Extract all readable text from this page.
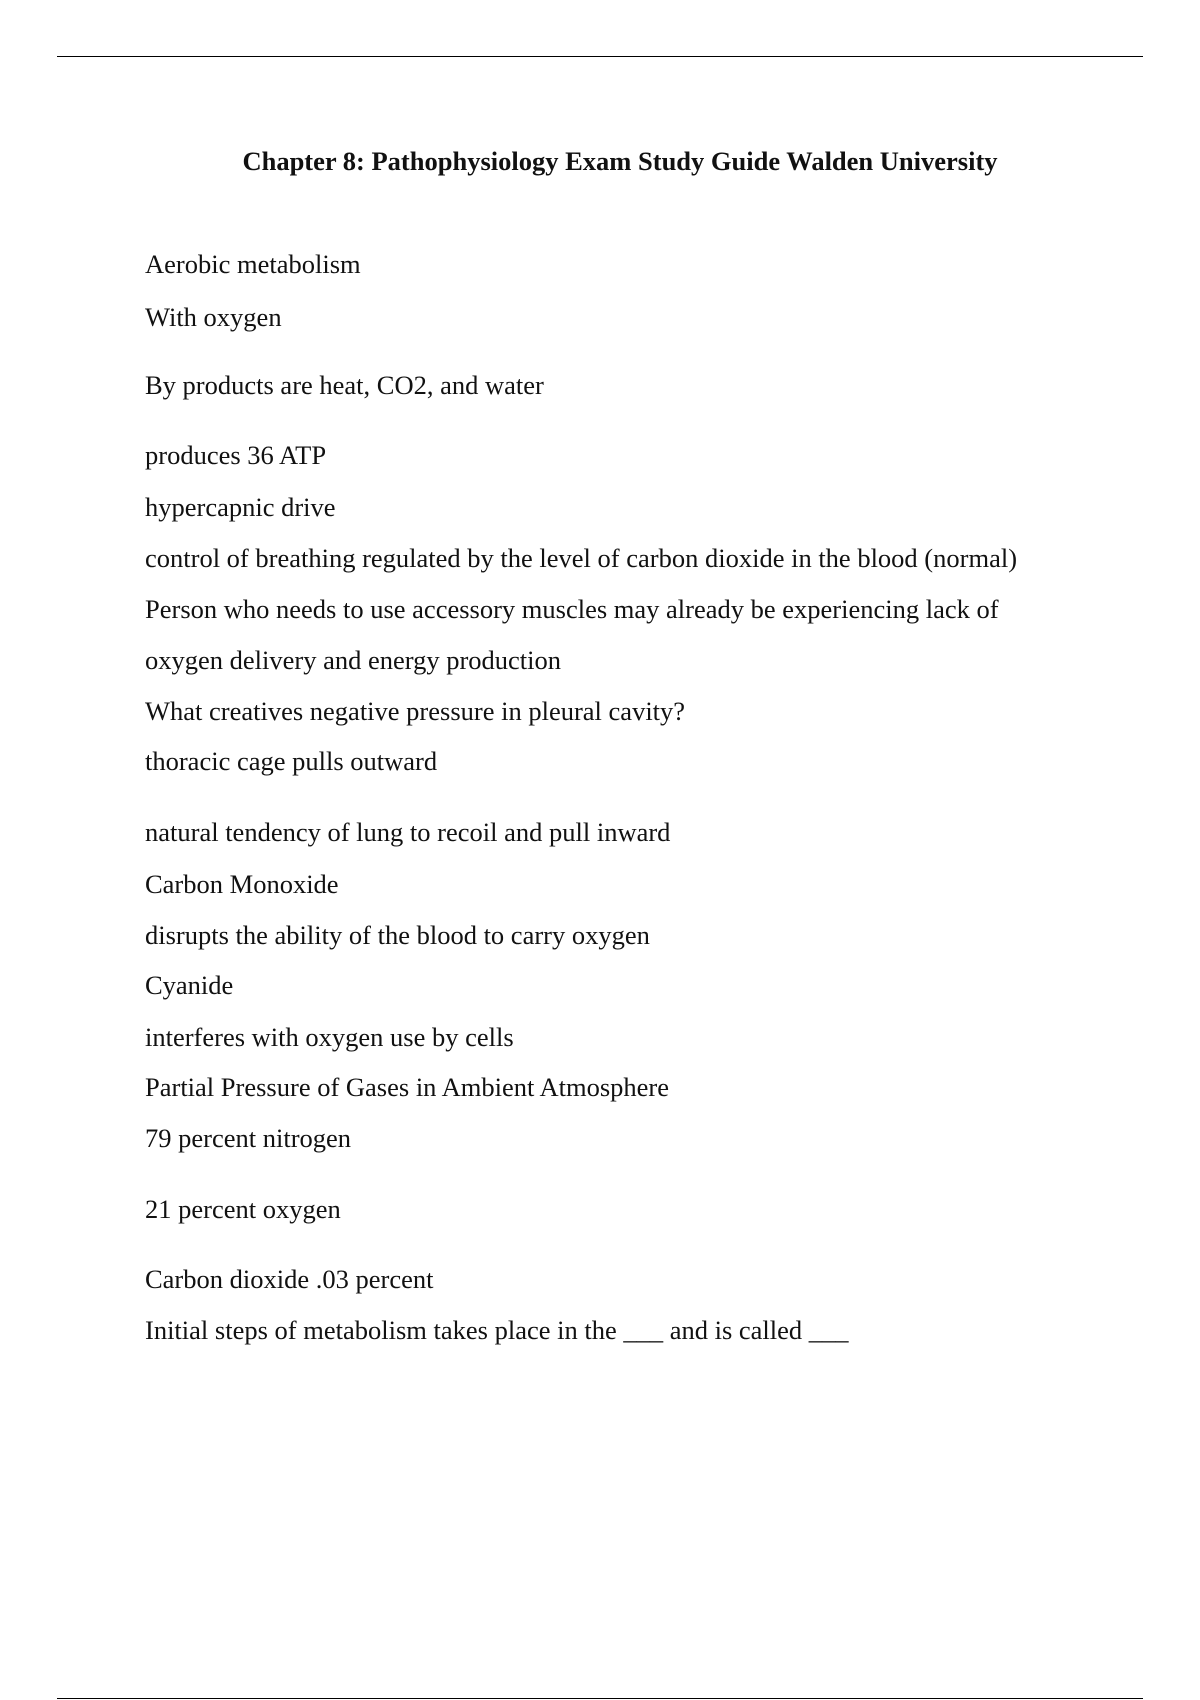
Chapter 8: Pathophysiology Exam Study Guide Walden University
Aerobic metabolism
With oxygen
By products are heat, CO2, and water
produces 36 ATP
hypercapnic drive
control of breathing regulated by the level of carbon dioxide in the blood (normal)
Person who needs to use accessory muscles may already be experiencing lack of
oxygen delivery and energy production
What creatives negative pressure in pleural cavity?
thoracic cage pulls outward
natural tendency of lung to recoil and pull inward
Carbon Monoxide
disrupts the ability of the blood to carry oxygen
Cyanide
interferes with oxygen use by cells
Partial Pressure of Gases in Ambient Atmosphere
79 percent nitrogen
21 percent oxygen
Carbon dioxide .03 percent
Initial steps of metabolism takes place in the ___ and is called ___
